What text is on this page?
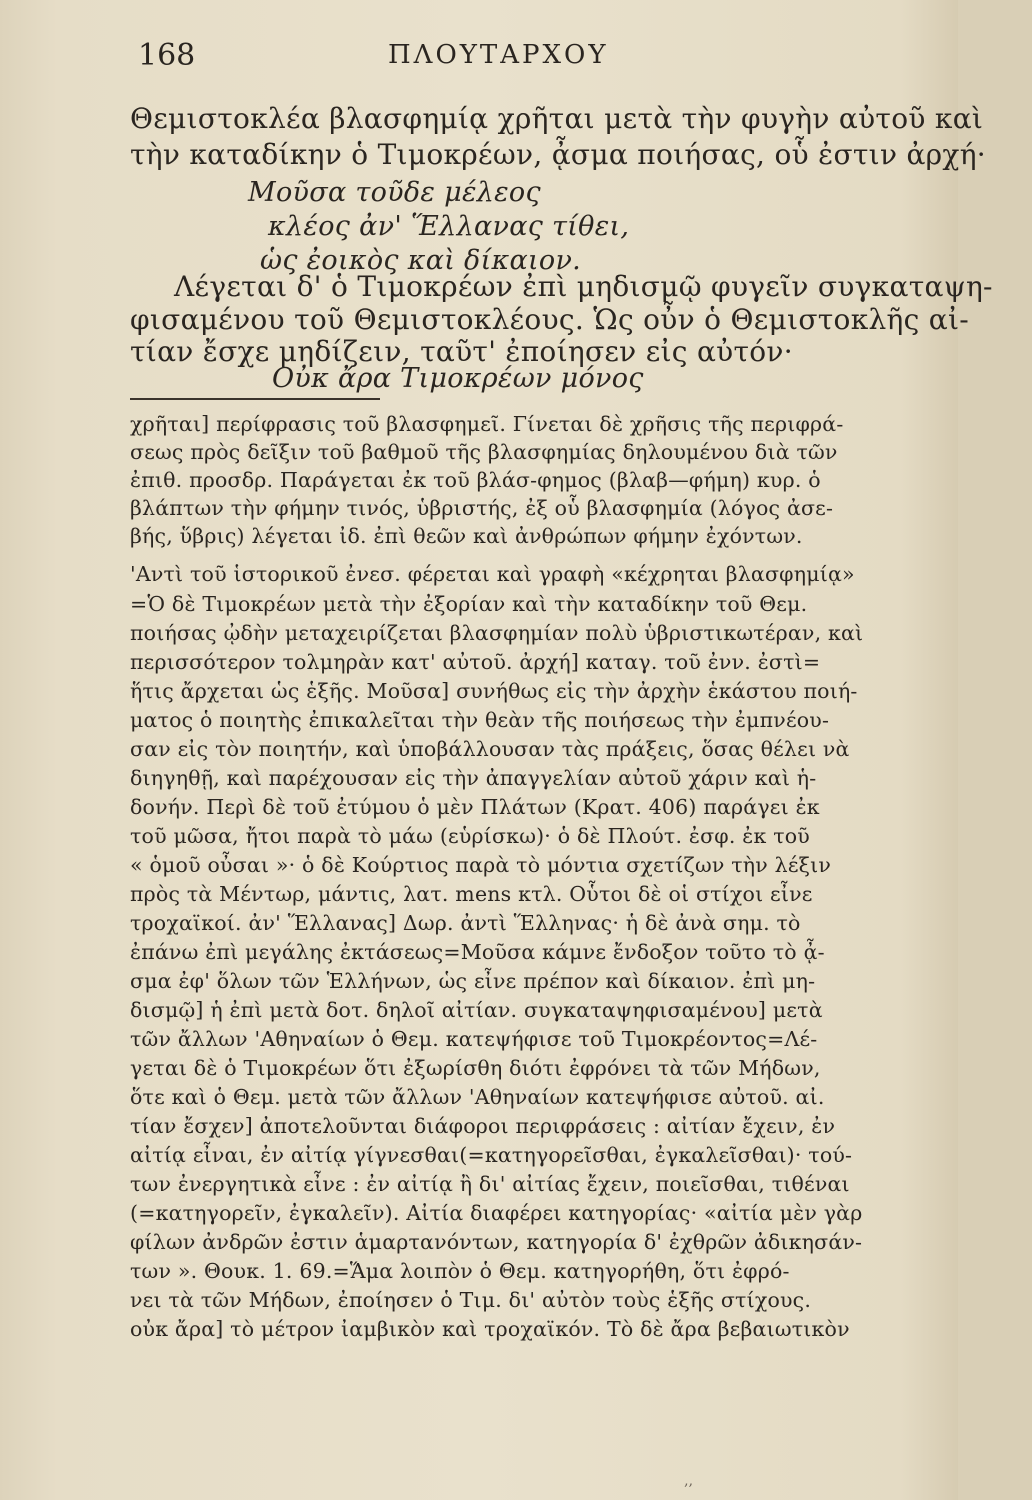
168	ΠΛΟΥΤΑΡΧΟΥ
Θεμιστοκλέα βλασφημίᾳ χρῆται μετὰ τὴν φυγὴν αὐτοῦ καὶ
τὴν καταδίκην ὁ Τιμοκρέων, ᾆσμα ποιήσας, οὗ ἐστιν ἀρχή·
Μοῦσα τοῦδε μέλεος
κλέος ἀν' Ἕλλανας τίθει,
ὡς ἐοικὸς καὶ δίκαιον.
Λέγεται δ' ὁ Τιμοκρέων ἐπὶ μηδισμῷ φυγεῖν συγκαταψη-
φισαμένου τοῦ Θεμιστοκλέους. Ὡς οὖν ὁ Θεμιστοκλῆς αἰ-
τίαν ἔσχε μηδίζειν, ταῦτ' ἐποίησεν εἰς αὐτόν·
Οὐκ ἄρα Τιμοκρέων μόνος
χρῆται] περίφρασις τοῦ βλασφημεῖ. Γίνεται δὲ χρῆσις τῆς περιφρά-
σεως πρὸς δεῖξιν τοῦ βαθμοῦ τῆς βλασφημίας δηλουμένου διὰ τῶν
ἐπιθ. προσδρ. Παράγεται ἐκ τοῦ βλάσ-φημος (βλαβ—φήμη) κυρ. ὁ
βλάπτων τὴν φήμην τινός, ὑβριστής, ἐξ οὗ βλασφημία (λόγος ἀσε-
βής, ὕβρις) λέγεται ἰδ. ἐπὶ θεῶν καὶ ἀνθρώπων φήμην ἐχόντων.
'Αντὶ τοῦ ἱστορικοῦ ἐνεσ. φέρεται καὶ γραφὴ «κέχρηται βλασφημίᾳ»
=Ὁ δὲ Τιμοκρέων μετὰ τὴν ἐξορίαν καὶ τὴν καταδίκην τοῦ Θεμ.
ποιήσας ᾠδὴν μεταχειρίζεται βλασφημίαν πολὺ ὑβριστικωτέραν, καὶ
περισσότερον τολμηρὰν κατ' αὐτοῦ. ἀρχή] καταγ. τοῦ ἐνν. ἐστὶ=
ἥτις ἄρχεται ὡς ἑξῆς. Μοῦσα] συνήθως εἰς τὴν ἀρχὴν ἑκάστου ποιή-
ματος ὁ ποιητὴς ἐπικαλεῖται τὴν θεὰν τῆς ποιήσεως τὴν ἐμπνέου-
σαν εἰς τὸν ποιητήν, καὶ ὑποβάλλουσαν τὰς πράξεις, ὅσας θέλει νὰ
διηγηθῇ, καὶ παρέχουσαν εἰς τὴν ἀπαγγελίαν αὐτοῦ χάριν καὶ ἡ-
δονήν. Περὶ δὲ τοῦ ἐτύμου ὁ μὲν Πλάτων (Κρατ. 406) παράγει ἐκ
τοῦ μῶσα, ἤτοι παρὰ τὸ μάω (εὑρίσκω)· ὁ δὲ Πλούτ. ἐσφ. ἐκ τοῦ
« ὁμοῦ οὖσαι »· ὁ δὲ Κούρτιος παρὰ τὸ μόντια σχετίζων τὴν λέξιν
πρὸς τὰ Μέντωρ, μάντις, λατ. mens κτλ. Οὗτοι δὲ οἱ στίχοι εἶνε
τροχαϊκοί. ἀν' Ἕλλανας] Δωρ. ἀντὶ Ἕλληνας· ἡ δὲ ἀνὰ σημ. τὸ
ἐπάνω ἐπὶ μεγάλης ἐκτάσεως=Μοῦσα κάμνε ἔνδοξον τοῦτο τὸ ᾆ-
σμα ἐφ' ὅλων τῶν Ἑλλήνων, ὡς εἶνε πρέπον καὶ δίκαιον. ἐπὶ μη-
δισμῷ] ἡ ἐπὶ μετὰ δοτ. δηλοῖ αἰτίαν. συγκαταψηφισαμένου] μετὰ
τῶν ἄλλων 'Αθηναίων ὁ Θεμ. κατεψήφισε τοῦ Τιμοκρέοντος=Λέ-
γεται δὲ ὁ Τιμοκρέων ὅτι ἐξωρίσθη διότι ἐφρόνει τὰ τῶν Μήδων,
ὅτε καὶ ὁ Θεμ. μετὰ τῶν ἄλλων 'Αθηναίων κατεψήφισε αὐτοῦ. αἰ.
τίαν ἔσχεν] ἀποτελοῦνται διάφοροι περιφράσεις : αἰτίαν ἔχειν, ἐν
αἰτίᾳ εἶναι, ἐν αἰτίᾳ γίγνεσθαι(=κατηγορεῖσθαι, ἐγκαλεῖσθαι)· τού-
των ἐνεργητικὰ εἶνε : ἐν αἰτίᾳ ἢ δι' αἰτίας ἔχειν, ποιεῖσθαι, τιθέναι
(=κατηγορεῖν, ἐγκαλεῖν). Αἰτία διαφέρει κατηγορίας· «αἰτία μὲν γὰρ
φίλων ἀνδρῶν ἐστιν ἁμαρτανόντων, κατηγορία δ' ἐχθρῶν ἀδικησάν-
των ». Θουκ. 1. 69.=Ἅμα λοιπὸν ὁ Θεμ. κατηγορήθη, ὅτι ἐφρό-
νει τὰ τῶν Μήδων, ἐποίησεν ὁ Τιμ. δι' αὐτὸν τοὺς ἑξῆς στίχους.
οὐκ ἄρα] τὸ μέτρον ἰαμβικὸν καὶ τροχαϊκόν. Τὸ δὲ ἄρα βεβαιωτικὸν
‚‚
